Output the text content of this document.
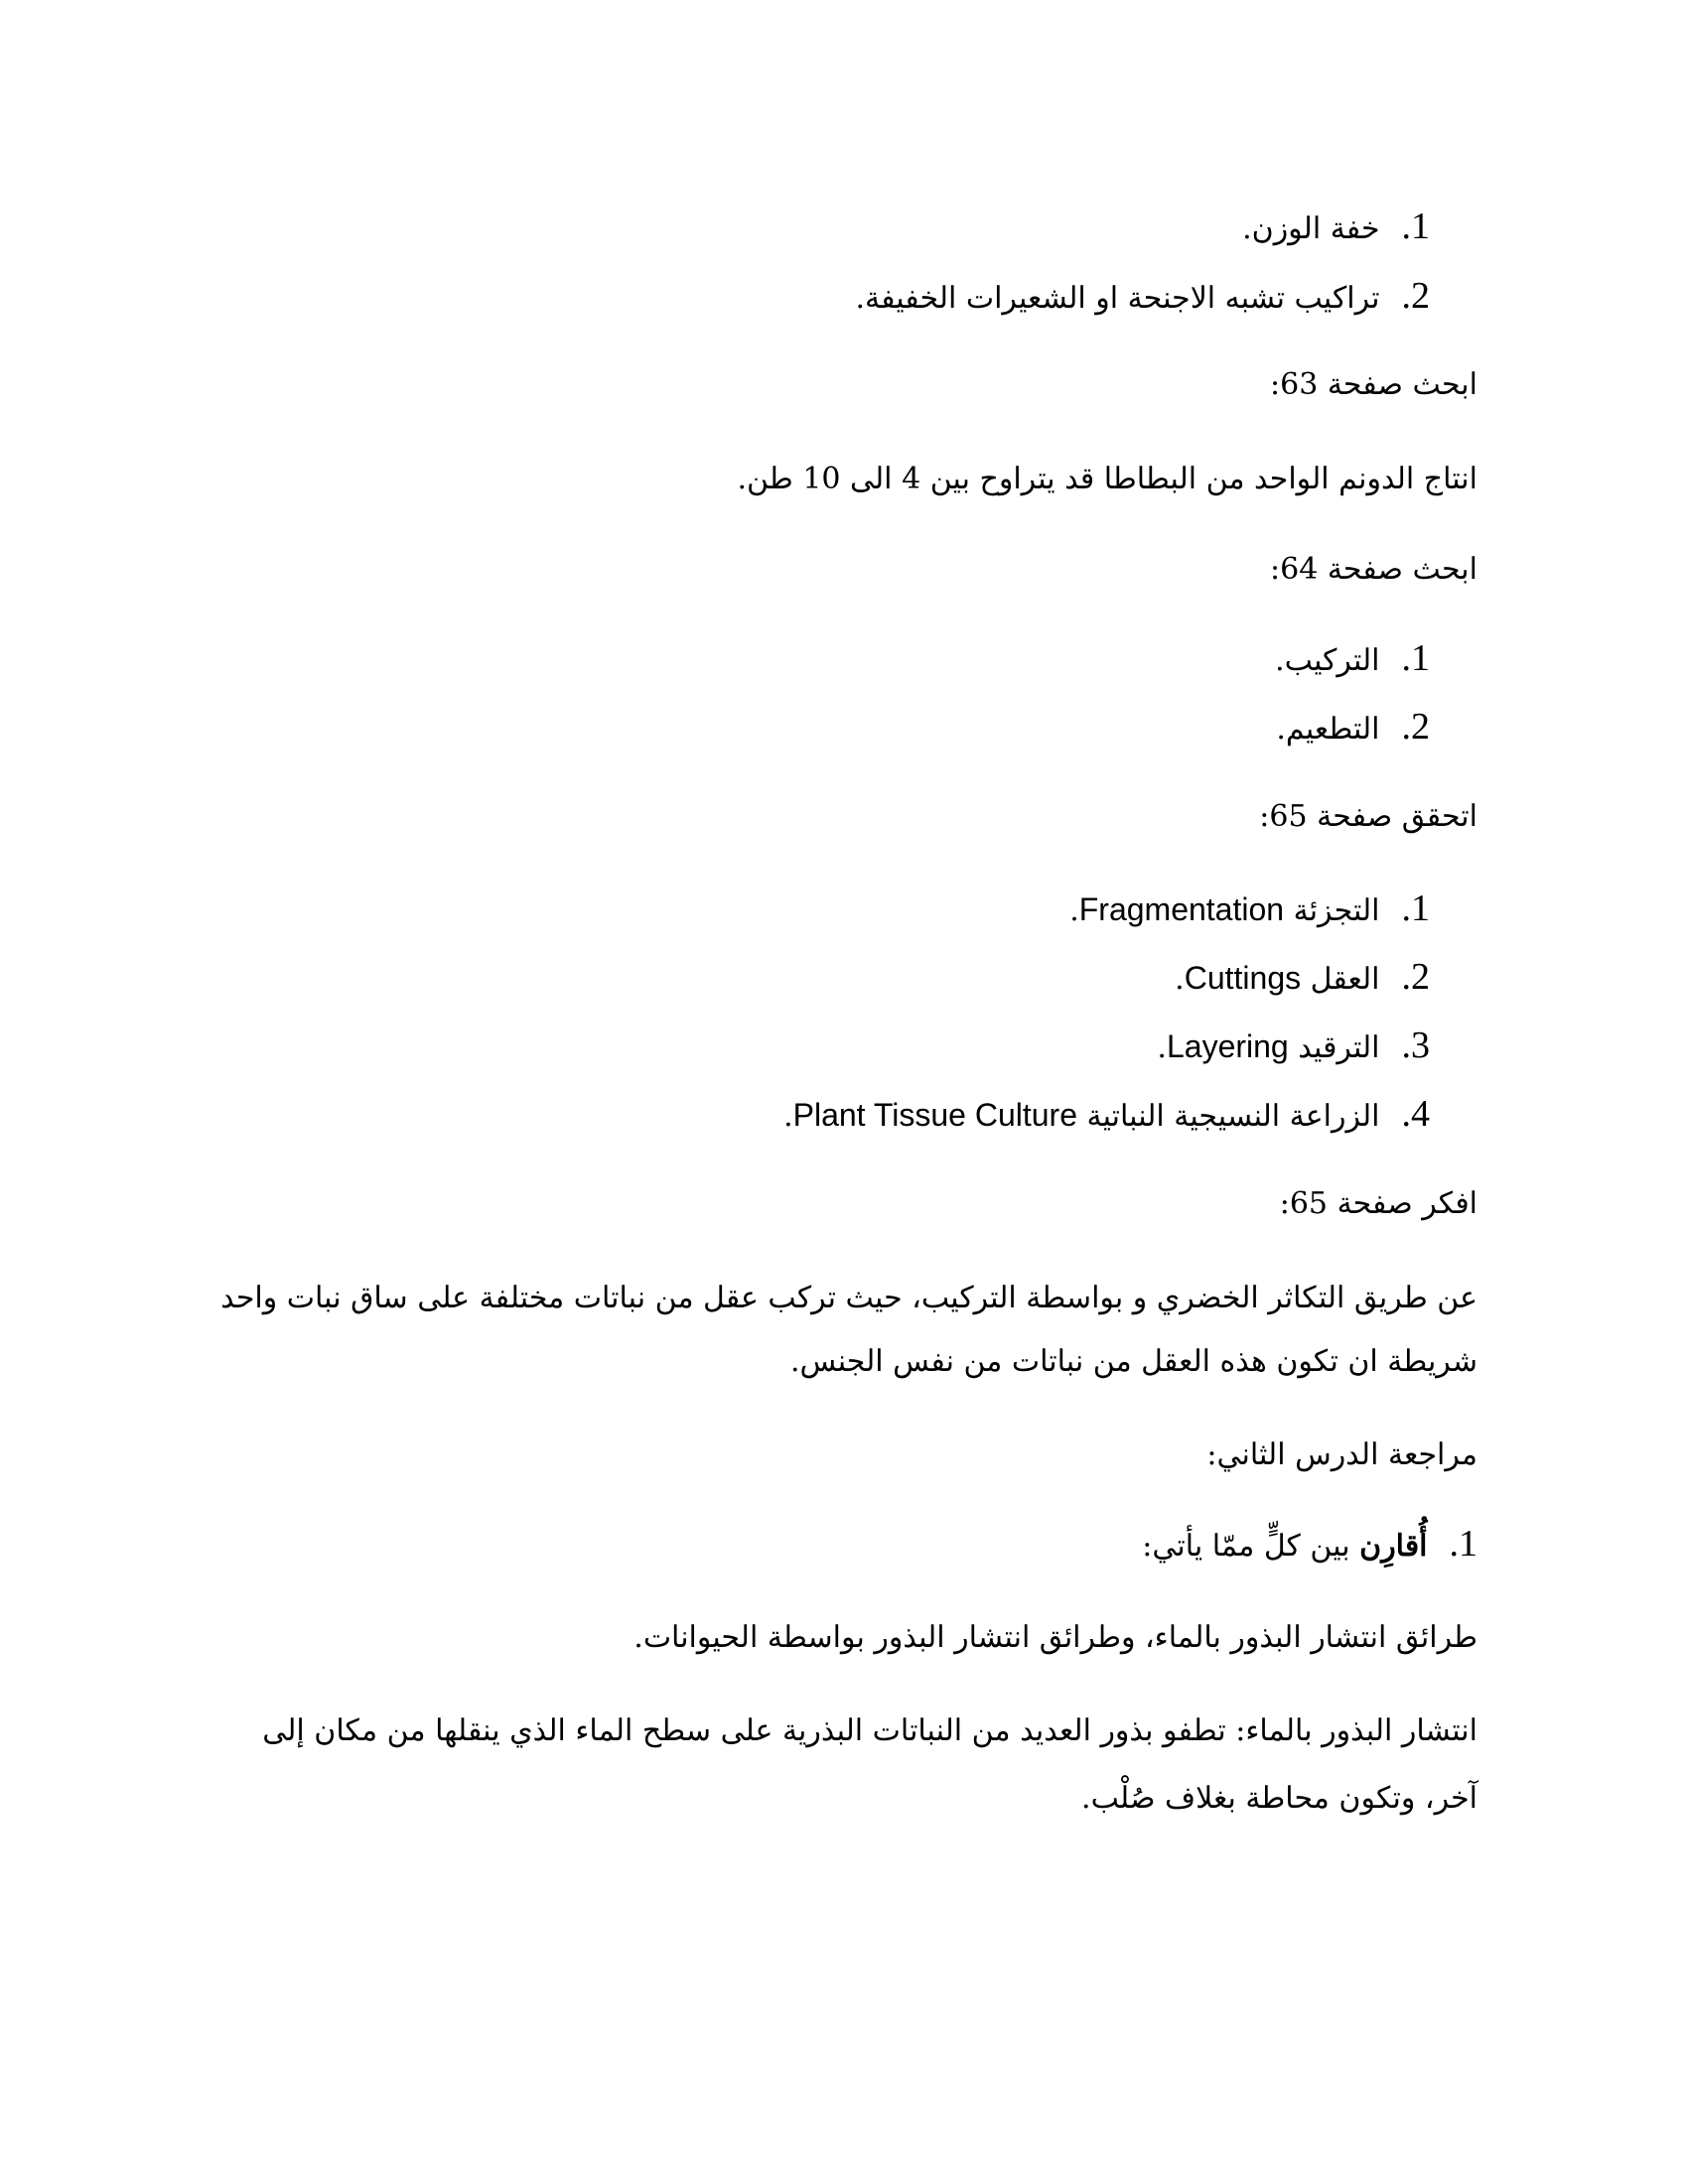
1.خفة الوزن.
2.تراكيب تشبه الاجنحة او الشعيرات الخفيفة.
ابحث صفحة 63:
انتاج الدونم الواحد من البطاطا قد يتراوح بين 4 الى 10 طن.
ابحث صفحة 64:
1.التركيب.
2.التطعيم.
اتحقق صفحة 65:
1.التجزئة Fragmentation.
2.العقل Cuttings.
3.الترقيد Layering.
4.الزراعة النسيجية النباتية Plant Tissue Culture.
افكر صفحة 65:
عن طريق التكاثر الخضري و بواسطة التركيب، حيث تركب عقل من نباتات مختلفة على ساق نبات واحد
شريطة ان تكون هذه العقل من نباتات من نفس الجنس.
مراجعة الدرس الثاني:
1.أُقارِن بين كلٍّ ممّا يأتي:
طرائق انتشار البذور بالماء، وطرائق انتشار البذور بواسطة الحيوانات.
انتشار البذور بالماء: تطفو بذور العديد من النباتات البذرية على سطح الماء الذي ينقلها من مكان إلى
آخر، وتكون محاطة بغلاف صُلْب.
